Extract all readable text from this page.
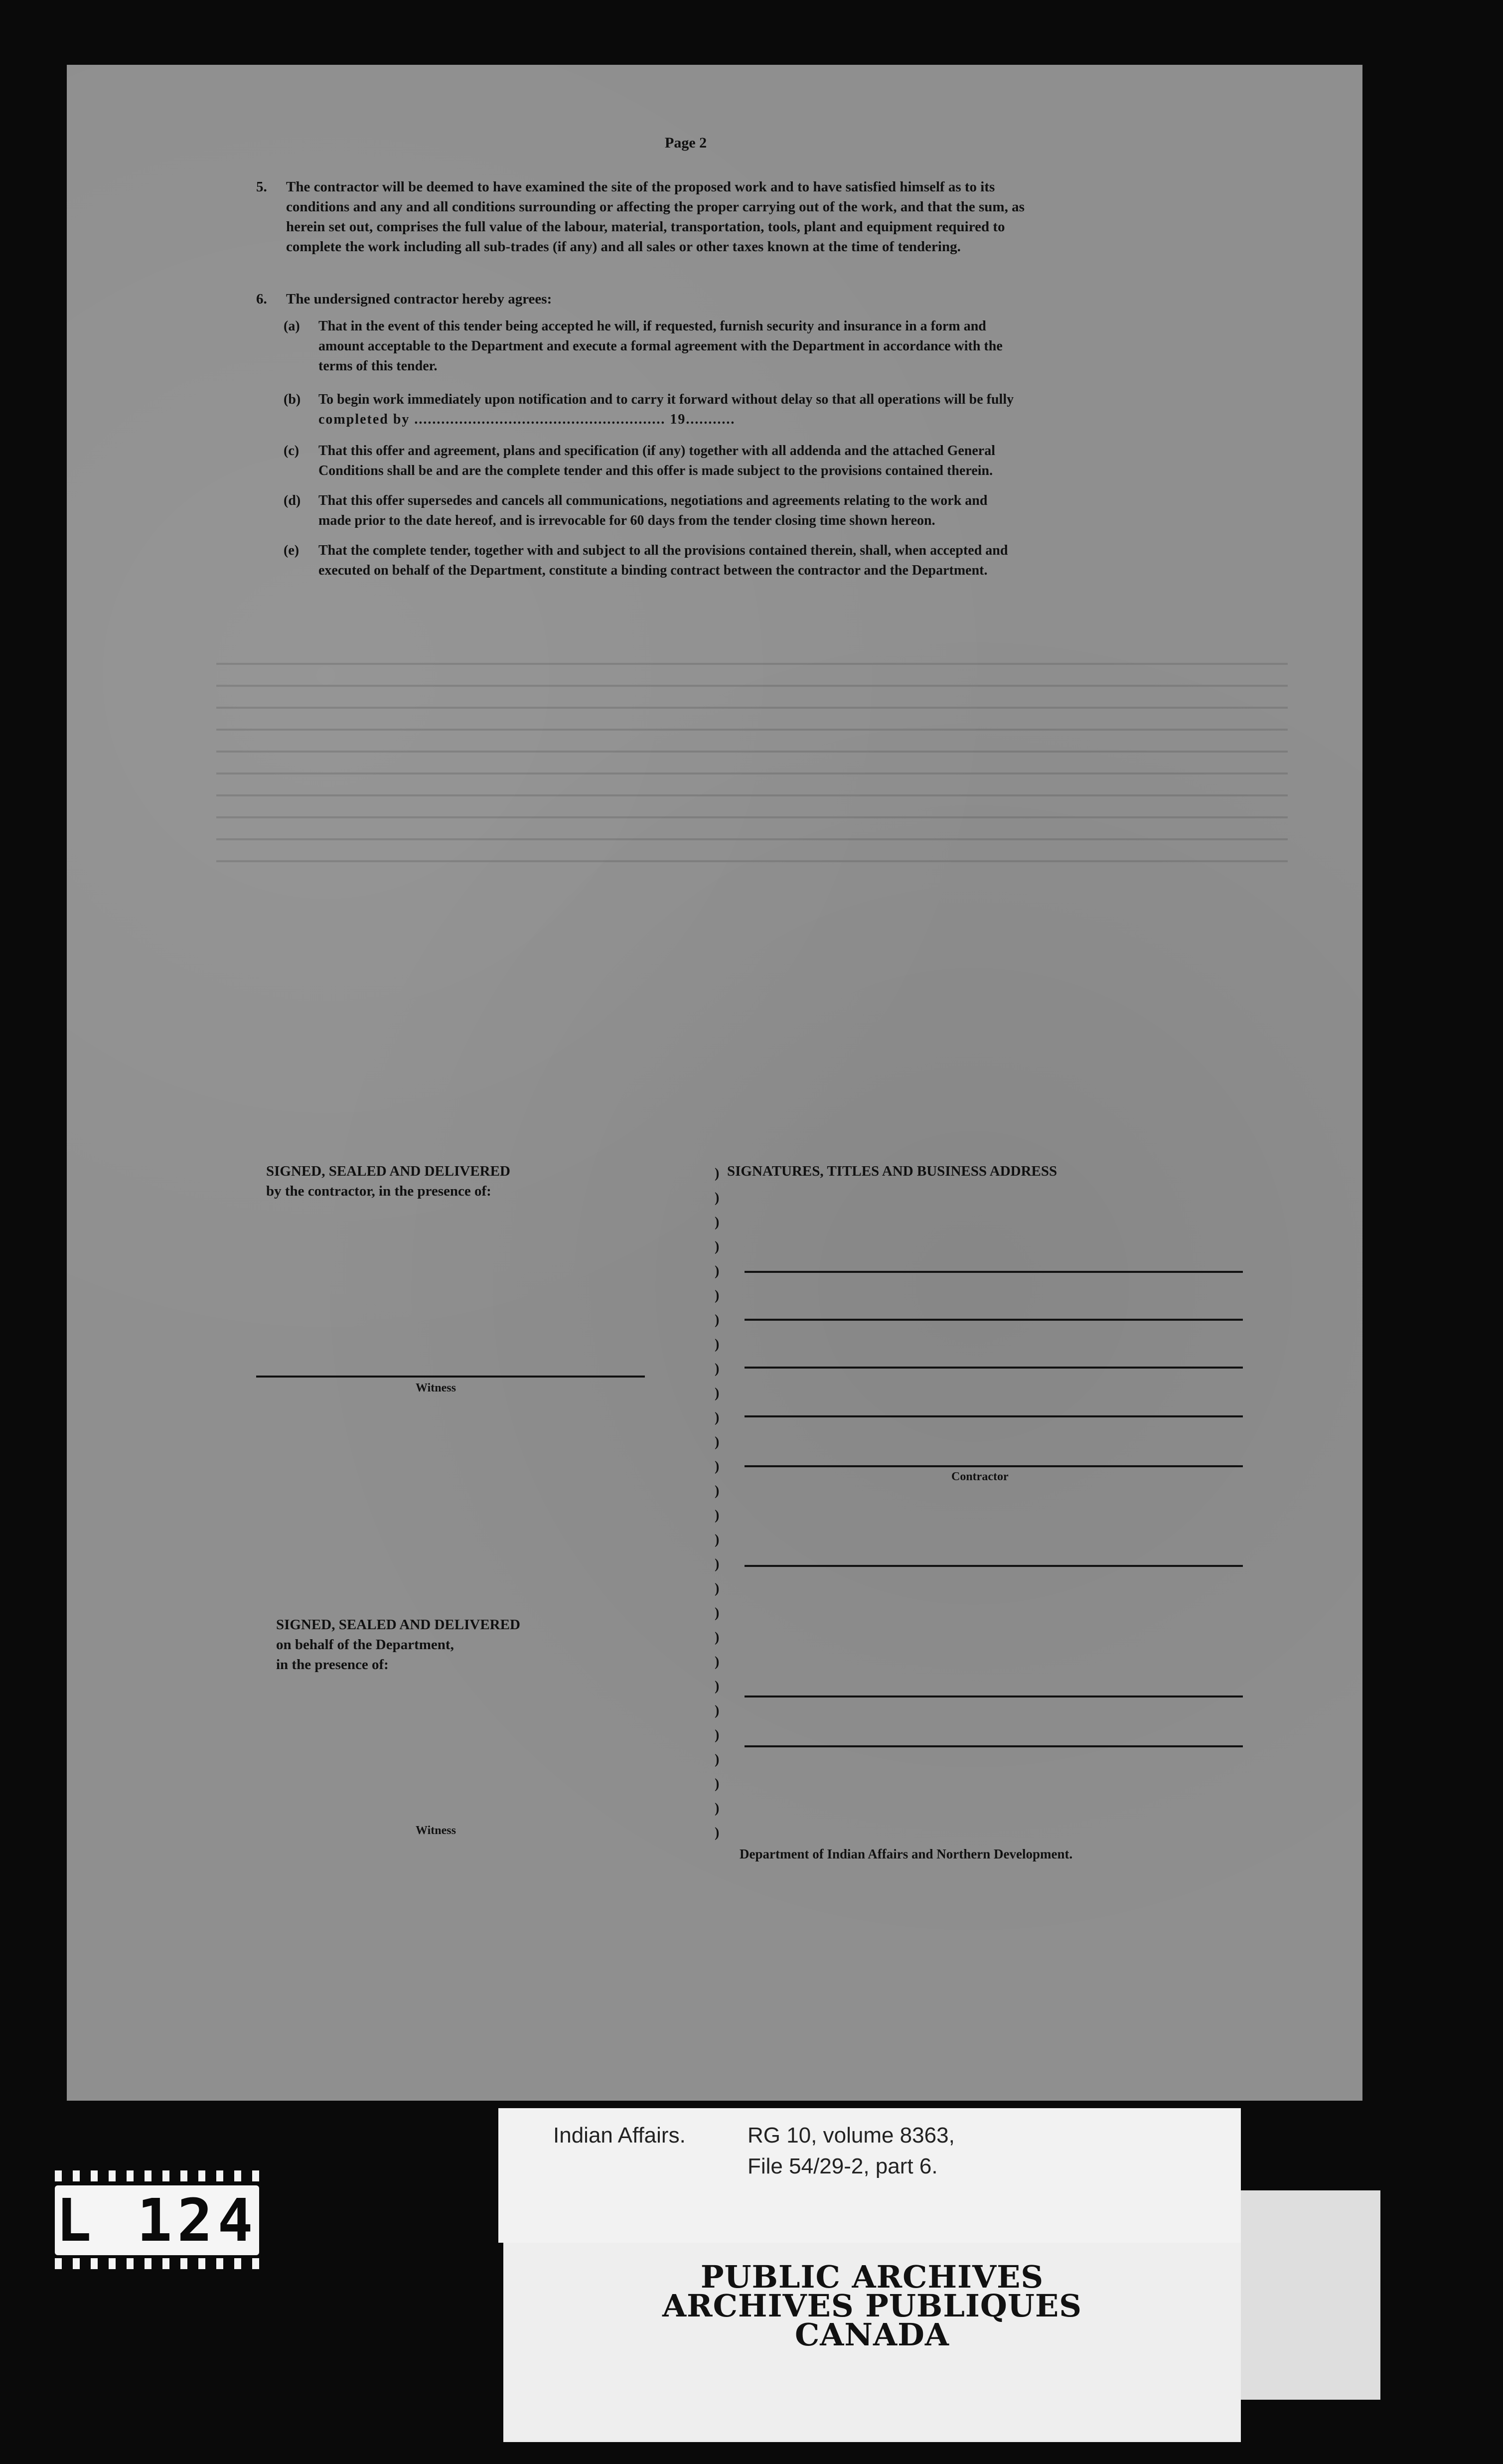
Page 2
5. The contractor will be deemed to have examined the site of the proposed work and to have satisfied himself as to its
conditions and any and all conditions surrounding or affecting the proper carrying out of the work, and that the sum, as
herein set out, comprises the full value of the labour, material, transportation, tools, plant and equipment required to
complete the work including all sub-trades (if any) and all sales or other taxes known at the time of tendering.
6. The undersigned contractor hereby agrees:
(a) That in the event of this tender being accepted he will, if requested, furnish security and insurance in a form and
amount acceptable to the Department and execute a formal agreement with the Department in accordance with the
terms of this tender.
(b) To begin work immediately upon notification and to carry it forward without delay so that all operations will be fully
completed by ........................................................ 19...........
(c) That this offer and agreement, plans and specification (if any) together with all addenda and the attached General
Conditions shall be and are the complete tender and this offer is made subject to the provisions contained therein.
(d) That this offer supersedes and cancels all communications, negotiations and agreements relating to the work and
made prior to the date hereof, and is irrevocable for 60 days from the tender closing time shown hereon.
(e) That the complete tender, together with and subject to all the provisions contained therein, shall, when accepted and
executed on behalf of the Department, constitute a binding contract between the contractor and the Department.
SIGNED, SEALED AND DELIVERED
by the contractor, in the presence of:
SIGNATURES, TITLES AND BUSINESS ADDRESS
Witness
Contractor
SIGNED, SEALED AND DELIVERED
on behalf of the Department,
in the presence of:
Witness
Department of Indian Affairs and Northern Development.
)
)
)
)
)
)
)
)
)
)
)
)
)
)
)
)
)
)
)
)
)
)
)
)
)
)
)
)
Indian Affairs.	RG 10, volume 8363,
File 54/29-2, part 6.
PUBLIC ARCHIVES
ARCHIVES PUBLIQUES
CANADA
L 124
